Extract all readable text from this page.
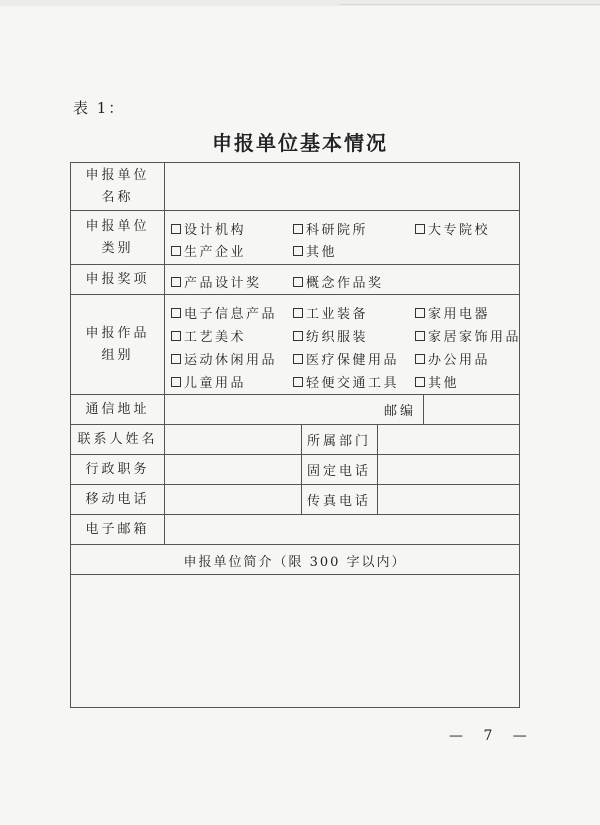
表 1：
申报单位基本情况
申报单位
名称
申报单位
类别
设计机构	科研院所	大专院校
生产企业	其他
申报奖项	产品设计奖	概念作品奖
申报作品
组别
电子信息产品 工业装备	家用电器
工艺美术	纺织服装	家居家饰用品
运动休闲用品 医疗保健用品 办公用品
儿童用品	轻便交通工具 其他
通信地址	邮编
联系人姓名	所属部门
行政职务	固定电话
移动电话	传真电话
电子邮箱
申报单位简介（限 300 字以内）
— 7 —
